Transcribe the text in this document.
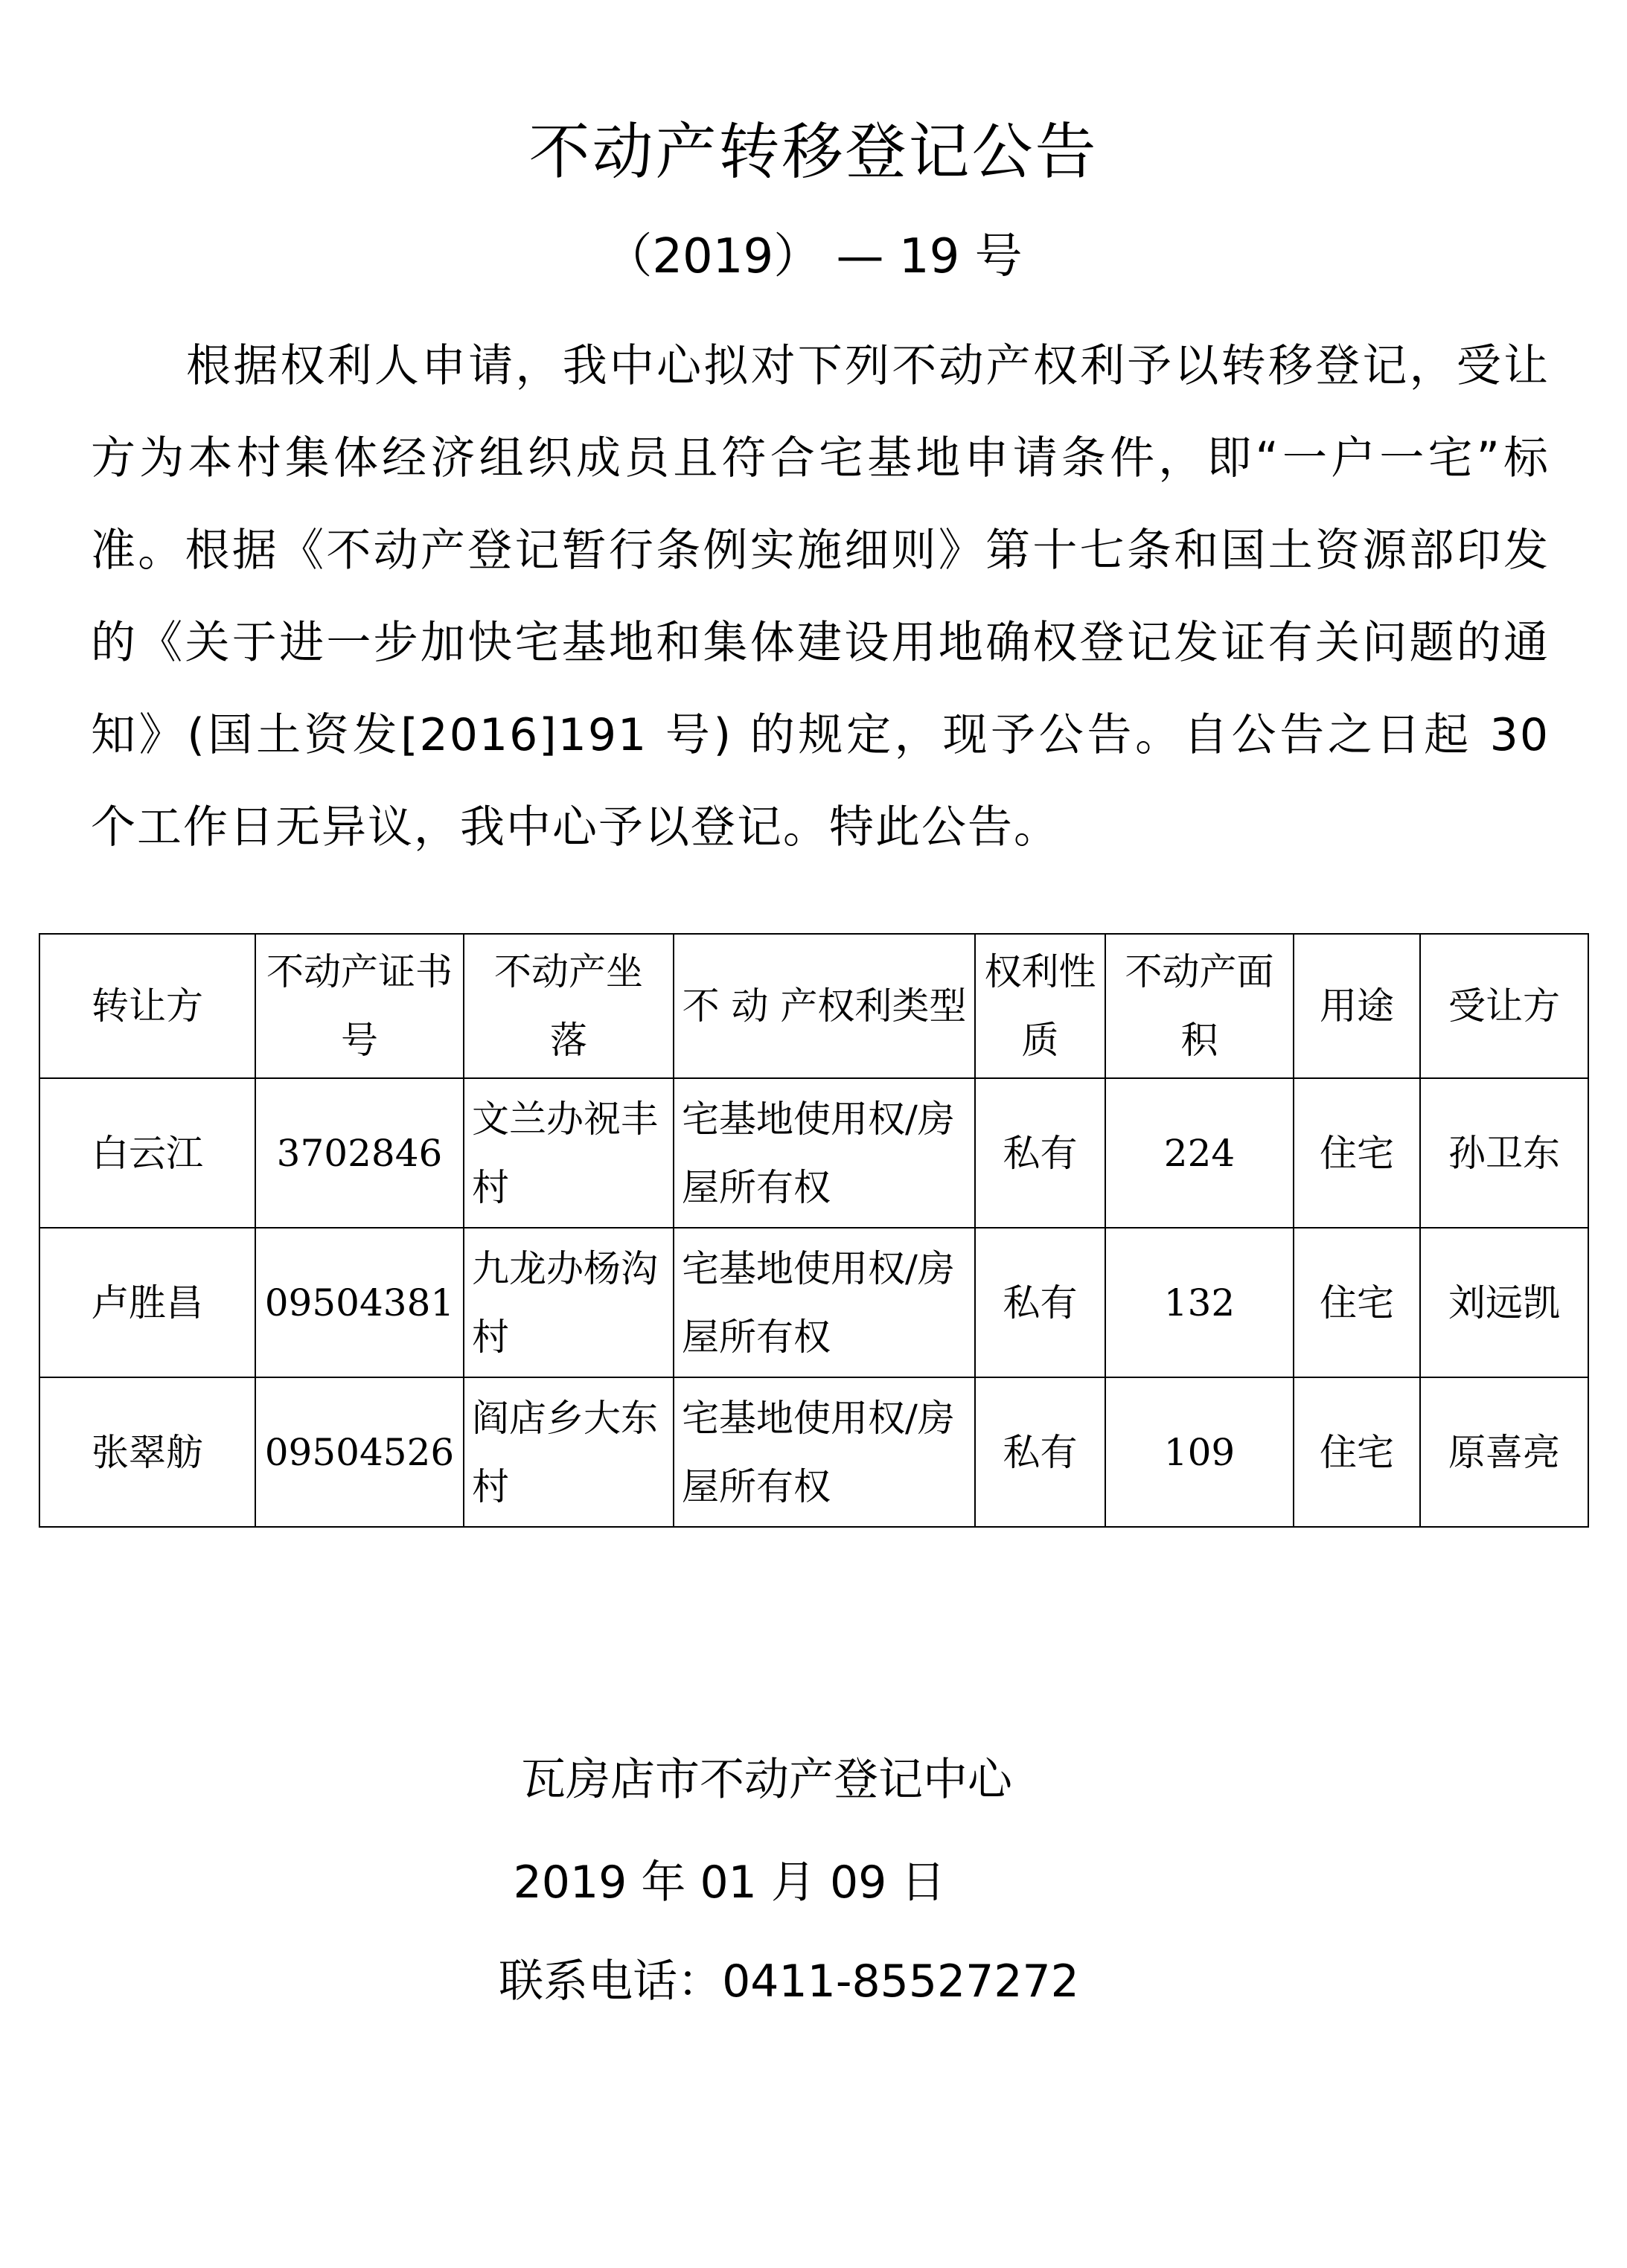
不动产转移登记公告
（2019） — 19 号

根据权利人申请，我中心拟对下列不动产权利予以转移登记，受让方为本村集体经济组织成员且符合宅基地申请条件，即“一户一宅”标准。根据《不动产登记暂行条例实施细则》第十七条和国土资源部印发的《关于进一步加快宅基地和集体建设用地确权登记发证有关问题的通知》(国土资发[2016]191 号) 的规定，现予公告。自公告之日起 30 个工作日无异议，我中心予以登记。特此公告。

转让方	不动产证书号	不动产坐　落	不 动 产权利类型	权利性质	不动产面　积	用途	受让方
白云江	3702846	文兰办祝丰村	宅基地使用权/房屋所有权	私有	224	住宅	孙卫东
卢胜昌	09504381	九龙办杨沟村	宅基地使用权/房屋所有权	私有	132	住宅	刘远凯
张翠舫	09504526	阎店乡大东村	宅基地使用权/房屋所有权	私有	109	住宅	原喜亮
瓦房店市不动产登记中心
2019 年 01 月 09 日
联系电话：0411-85527272
